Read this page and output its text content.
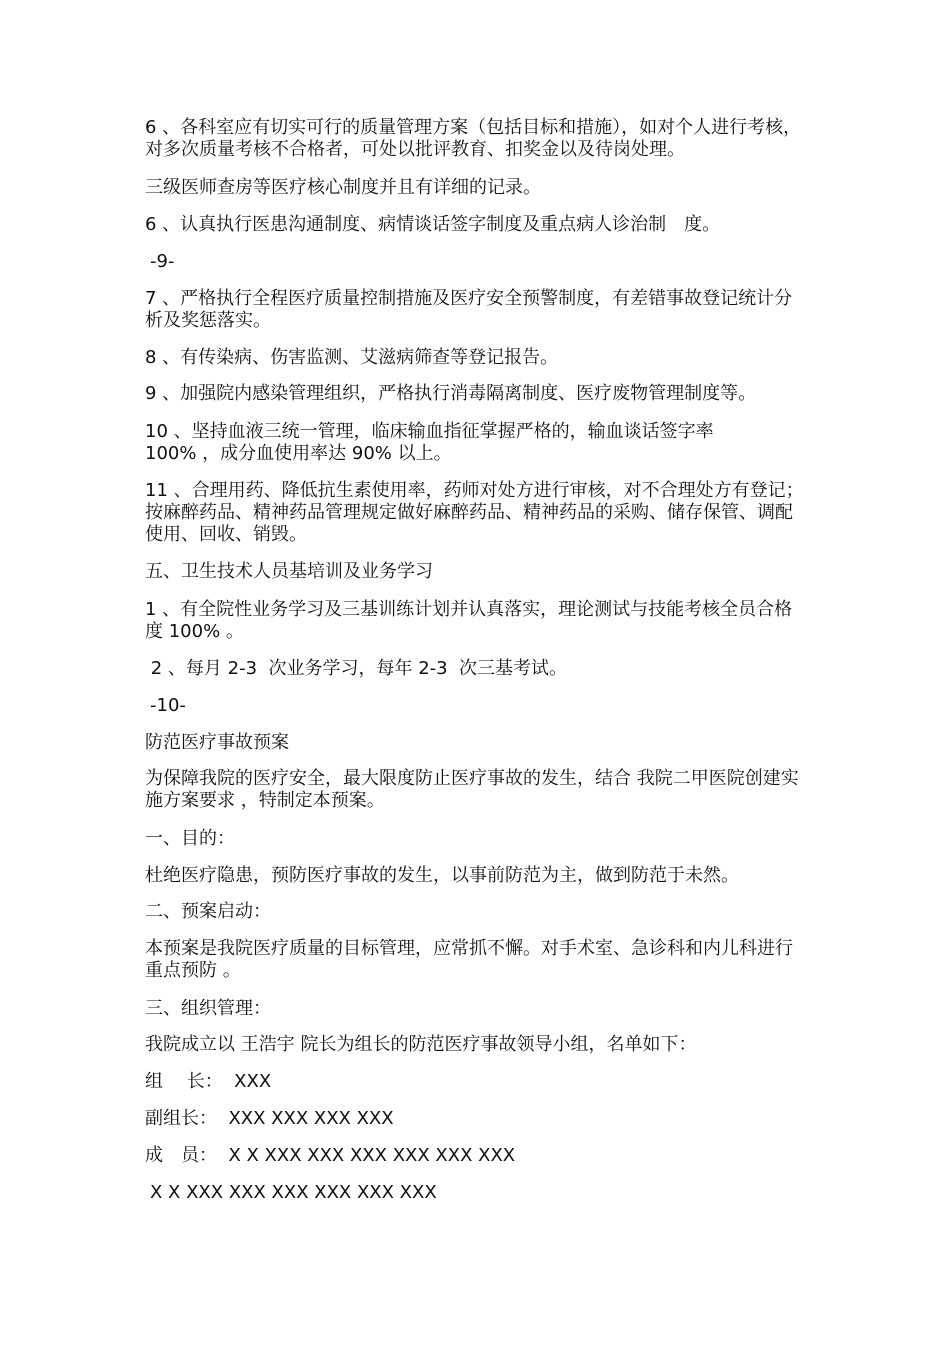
6 、各科室应有切实可行的质量管理方案（包括目标和措施），如对个人进行考核，对多次质量考核不合格者，可处以批评教育、扣奖金以及待岗处理。

三级医师查房等医疗核心制度并且有详细的记录。

6 、认真执行医患沟通制度、病情谈话签字制度及重点病人诊治制　度。

-9-

7 、严格执行全程医疗质量控制措施及医疗安全预警制度，有差错事故登记统计分析及奖惩落实。

8 、有传染病、伤害监测、艾滋病筛查等登记报告。

9 、加强院内感染管理组织，严格执行消毒隔离制度、医疗废物管理制度等。

10 、坚持血液三统一管理，临床输血指征掌握严格的，输血谈话签字率
100% ，成分血使用率达 90% 以上。

11 、合理用药、降低抗生素使用率，药师对处方进行审核，对不合理处方有登记；按麻醉药品、精神药品管理规定做好麻醉药品、精神药品的采购、储存保管、调配使用、回收、销毁。

五、卫生技术人员基培训及业务学习

1 、有全院性业务学习及三基训练计划并认真落实，理论测试与技能考核全员合格度 100% 。

2 、每月 2-3  次业务学习，每年 2-3  次三基考试。

-10-

防范医疗事故预案

为保障我院的医疗安全，最大限度防止医疗事故的发生，结合 我院二甲医院创建实施方案要求 ，特制定本预案。

一、目的：

杜绝医疗隐患，预防医疗事故的发生，以事前防范为主，做到防范于未然。

二、预案启动：

本预案是我院医疗质量的目标管理，应常抓不懈。对手术室、急诊科和内儿科进行重点预防 。

三、组织管理：

我院成立以 王浩宇 院长为组长的防范医疗事故领导小组，名单如下：

组　 长：  XXX

副组长：  XXX XXX XXX XXX

成　员：  X X XXX XXX XXX XXX XXX XXX

X X XXX XXX XXX XXX XXX XXX
